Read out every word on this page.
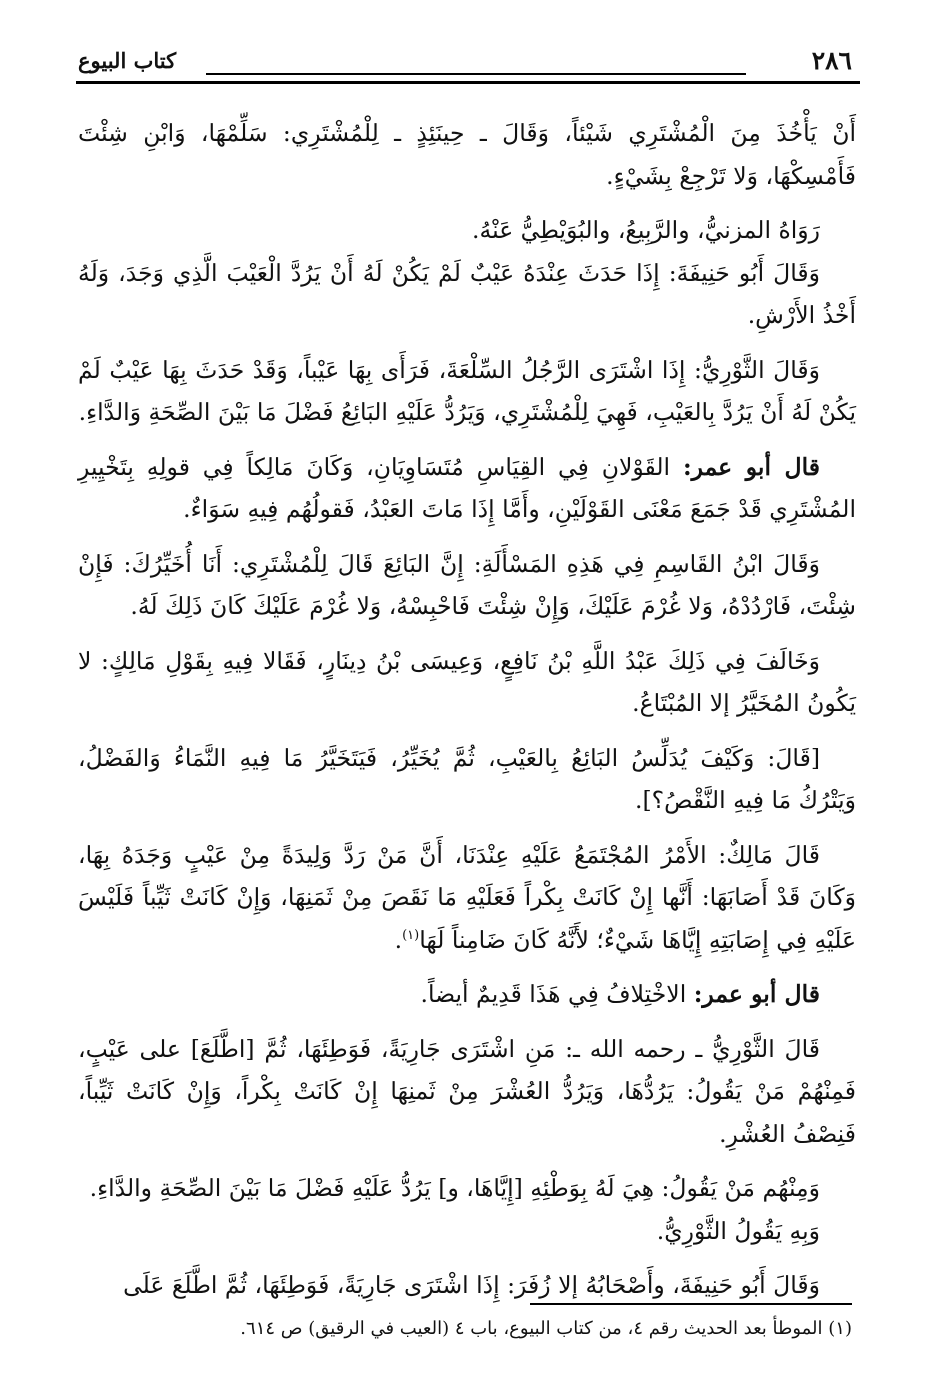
٢٨٦
كتاب البيوع

أَنْ يَأْخُذَ مِنَ الْمُشْتَرِي شَيْئاً، وَقَالَ ـ حِينَئِذٍ ـ لِلْمُشْتَرِي: سَلِّمْهَا، وَابْنِ شِئْتَ فَأَمْسِكْهَا، وَلا تَرْجِعْ بِشَيْءٍ.

رَوَاهُ المزنيُّ، والرَّبِيعُ، والبُوَيْطِيُّ عَنْهُ.

وَقَالَ أَبُو حَنِيفَةَ: إِذَا حَدَثَ عِنْدَهُ عَيْبٌ لَمْ يَكُنْ لَهُ أَنْ يَرُدَّ الْعَيْبَ الَّذِي وَجَدَ، وَلَهُ أَخْذُ الأَرْشِ.

وَقَالَ الثَّوْرِيُّ: إِذَا اشْتَرَى الرَّجُلُ السِّلْعَةَ، فَرَأَى بِهَا عَيْباً، وَقَدْ حَدَثَ بِهَا عَيْبٌ لَمْ يَكُنْ لَهُ أَنْ يَرُدَّ بِالعَيْبِ، فَهِيَ لِلْمُشْتَرِي، وَيَرُدُّ عَلَيْهِ البَائِعُ فَضْلَ مَا بَيْنَ الصِّحَةِ وَالدَّاءِ.

قال أبو عمر: القَوْلانِ فِي القِيَاسِ مُتَسَاوِيَانِ، وَكَانَ مَالِكاً فِي قولِهِ بِتَخْيِيرِ المُشْتَرِي قَدْ جَمَعَ مَعْنَى القَوْلَيْنِ، وأَمَّا إِذَا مَاتَ العَبْدُ، فَقولُهُم فِيهِ سَوَاءٌ.

وَقَالَ ابْنُ القَاسِمِ فِي هَذِهِ المَسْأَلَةِ: إِنَّ البَائِعَ قَالَ لِلْمُشْتَرِي: أَنَا أُخَيِّرُكَ: فَإِنْ شِئْتَ، فَارْدُدْهُ، وَلا غُرْمَ عَلَيْكَ، وَإِنْ شِئْتَ فَاحْبِسْهُ، وَلا غُرْمَ عَلَيْكَ كَانَ ذَلِكَ لَهُ.

وَخَالَفَ فِي ذَلِكَ عَبْدُ اللَّهِ بْنُ نَافِعٍ، وَعِيسَى بْنُ دِينَارٍ، فَقَالا فِيهِ بِقَوْلِ مَالِكٍ: لا يَكُونُ المُخَيَّرُ إلا المُبْتَاعُ.

[قَالَ: وَكَيْفَ يُدَلِّسُ البَائِعُ بِالعَيْبِ، ثُمَّ يُخَيِّرُ، فَيَتَخَيَّرُ مَا فِيهِ النَّمَاءُ وَالفَضْلُ، وَيَتْرُكُ مَا فِيهِ النَّقْصُ؟].

قَالَ مَالِكٌ: الأَمْرُ المُجْتَمَعُ عَلَيْهِ عِنْدَنَا، أَنَّ مَنْ رَدَّ وَلِيدَةً مِنْ عَيْبٍ وَجَدَهُ بِهَا، وَكَانَ قَدْ أَصَابَهَا: أَنَّها إِنْ كَانَتْ بِكْراً فَعَلَيْهِ مَا نَقَصَ مِنْ ثَمَنِهَا، وَإِنْ كَانَتْ ثَيِّباً فَلَيْسَ عَلَيْهِ فِي إِصَابَتِهِ إِيَّاهَا شَيْءٌ؛ لأَنَّهُ كَانَ ضَامِناً لَهَا$^{(١)}$.

قال أبو عمر: الاخْتِلافُ فِي هَذَا قَدِيمٌ أيضاً.

قَالَ الثَّوْرِيُّ ـ رحمه الله ـ: مَنِ اشْتَرَى جَارِيَةً، فَوَطِئَهَا، ثُمَّ [اطَّلَعَ] على عَيْبٍ، فَمِنْهُمْ مَنْ يَقُولُ: يَرُدُّهَا، وَيَرُدُّ العُشْرَ مِنْ ثَمنِهَا إِنْ كَانَتْ بِكْراً، وَإِنْ كَانَتْ ثَيِّباً، فَنِصْفُ العُشْرِ.

وَمِنْهُم مَنْ يَقُولُ: هِيَ لَهُ بِوَطْئِهِ [إِيَّاهَا، و] يَرُدُّ عَلَيْهِ فَضْلَ مَا بَيْنَ الصِّحَةِ والدَّاءِ.

وَبِهِ يَقُولُ الثَّوْرِيُّ.

وَقَالَ أَبُو حَنِيفَةَ، وأَصْحَابُهُ إلا زُفَرَ: إِذَا اشْتَرَى جَارِيَةً، فَوَطِئَهَا، ثُمَّ اطَّلَعَ عَلَى

(١) الموطأ بعد الحديث رقم ٤، من كتاب البيوع، باب ٤ (العيب في الرقيق) ص ٦١٤.
